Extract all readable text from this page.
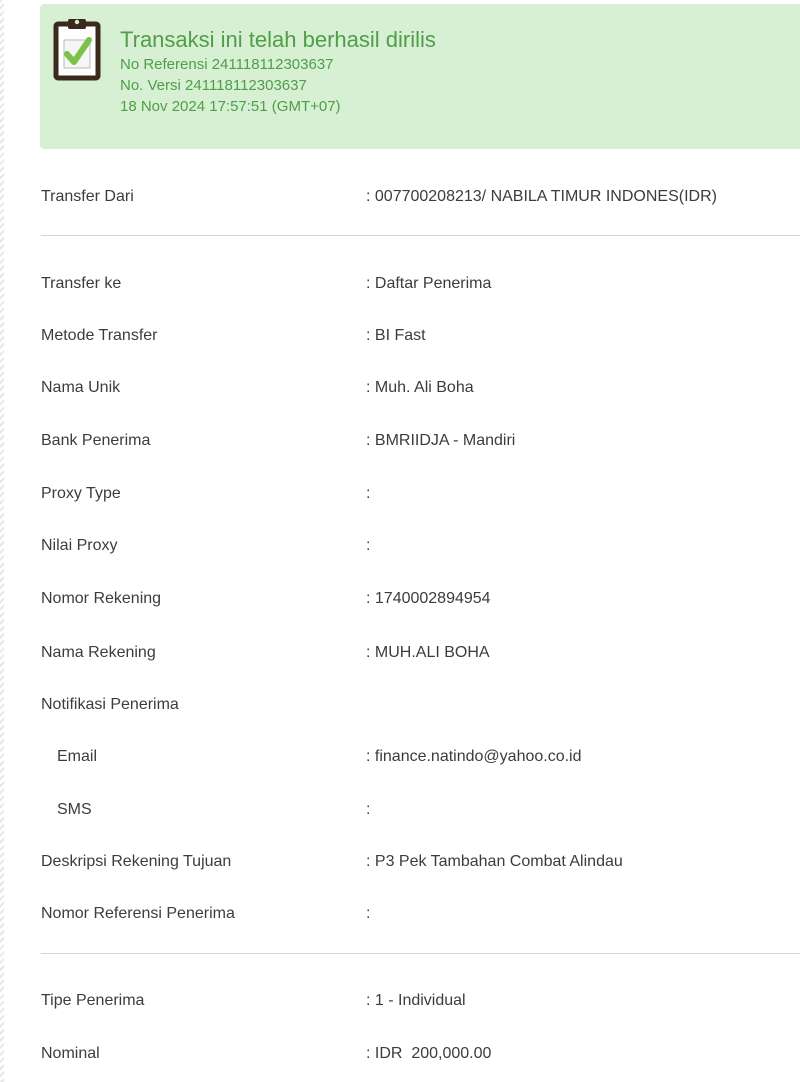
Transaksi ini telah berhasil dirilis
No Referensi 241118112303637
No. Versi 241118112303637
18 Nov 2024 17:57:51 (GMT+07)
Transfer Dari	: 007700208213/ NABILA TIMUR INDONES(IDR)
Transfer ke	: Daftar Penerima
Metode Transfer	: BI Fast
Nama Unik	: Muh. Ali Boha
Bank Penerima	: BMRIIDJA - Mandiri
Proxy Type	:
Nilai Proxy	:
Nomor Rekening	: 1740002894954
Nama Rekening	: MUH.ALI BOHA
Notifikasi Penerima
Email	: finance.natindo@yahoo.co.id
SMS	:
Deskripsi Rekening Tujuan	: P3 Pek Tambahan Combat Alindau
Nomor Referensi Penerima	:
Tipe Penerima	: 1 - Individual
Nominal	: IDR  200,000.00
